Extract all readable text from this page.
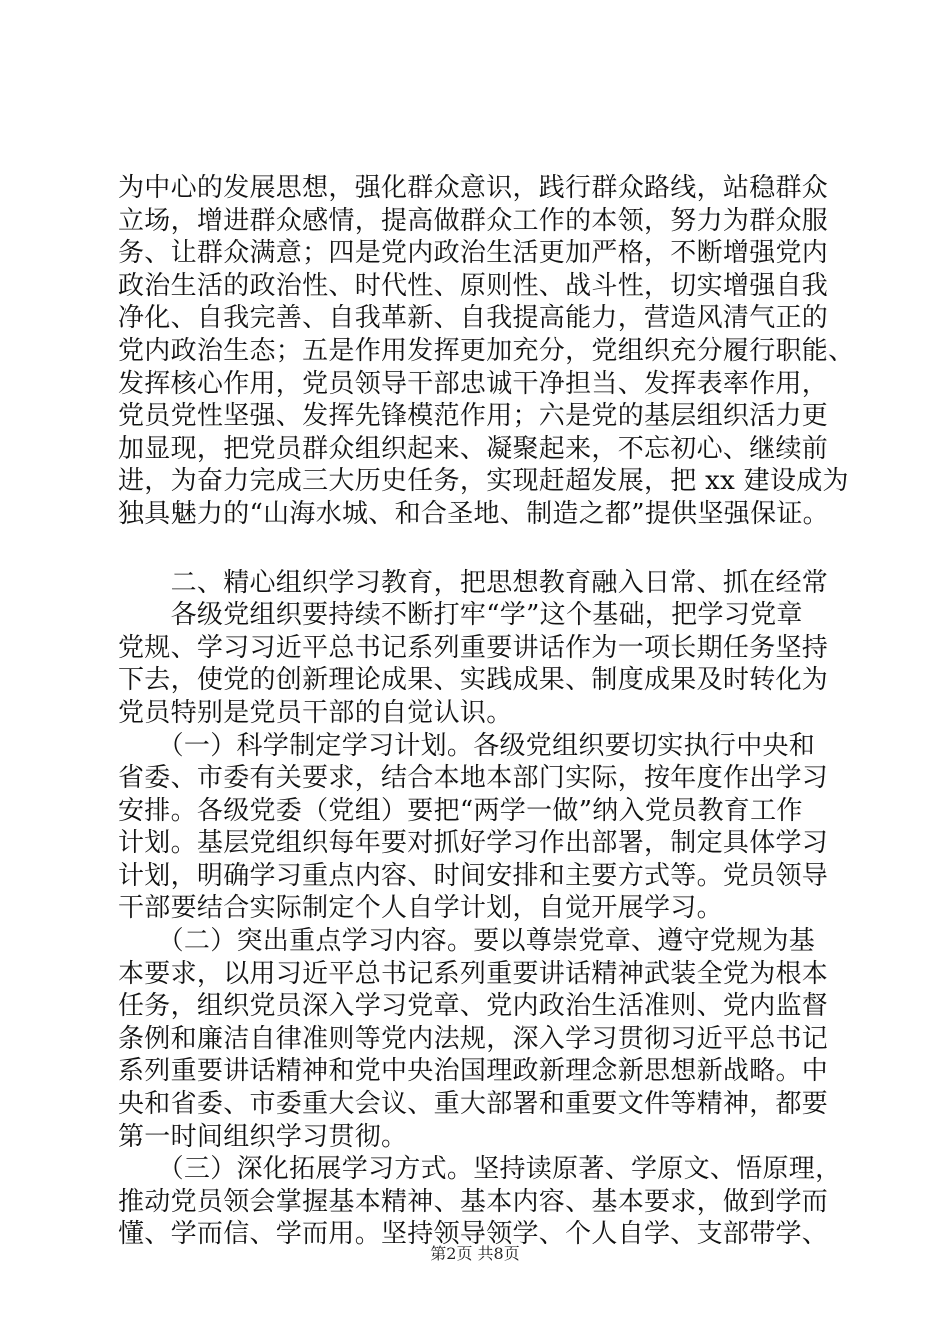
为中心的发展思想，强化群众意识，践行群众路线，站稳群众
立场，增进群众感情，提高做群众工作的本领，努力为群众服
务、让群众满意；四是党内政治生活更加严格，不断增强党内
政治生活的政治性、时代性、原则性、战斗性，切实增强自我
净化、自我完善、自我革新、自我提高能力，营造风清气正的
党内政治生态；五是作用发挥更加充分，党组织充分履行职能、
发挥核心作用，党员领导干部忠诚干净担当、发挥表率作用，
党员党性坚强、发挥先锋模范作用；六是党的基层组织活力更
加显现，把党员群众组织起来、凝聚起来，不忘初心、继续前
进，为奋力完成三大历史任务，实现赶超发展，把 xx 建设成为
独具魅力的“山海水城、和合圣地、制造之都”提供坚强保证。
　　二、精心组织学习教育，把思想教育融入日常、抓在经常
　　各级党组织要持续不断打牢“学”这个基础，把学习党章
党规、学习习近平总书记系列重要讲话作为一项长期任务坚持
下去，使党的创新理论成果、实践成果、制度成果及时转化为
党员特别是党员干部的自觉认识。
　　（一）科学制定学习计划。各级党组织要切实执行中央和
省委、市委有关要求，结合本地本部门实际，按年度作出学习
安排。各级党委（党组）要把“两学一做”纳入党员教育工作
计划。基层党组织每年要对抓好学习作出部署，制定具体学习
计划，明确学习重点内容、时间安排和主要方式等。党员领导
干部要结合实际制定个人自学计划，自觉开展学习。
　　（二）突出重点学习内容。要以尊崇党章、遵守党规为基
本要求，以用习近平总书记系列重要讲话精神武装全党为根本
任务，组织党员深入学习党章、党内政治生活准则、党内监督
条例和廉洁自律准则等党内法规，深入学习贯彻习近平总书记
系列重要讲话精神和党中央治国理政新理念新思想新战略。中
央和省委、市委重大会议、重大部署和重要文件等精神，都要
第一时间组织学习贯彻。
　　（三）深化拓展学习方式。坚持读原著、学原文、悟原理，
推动党员领会掌握基本精神、基本内容、基本要求，做到学而
懂、学而信、学而用。坚持领导领学、个人自学、支部带学、
第2页 共8页
